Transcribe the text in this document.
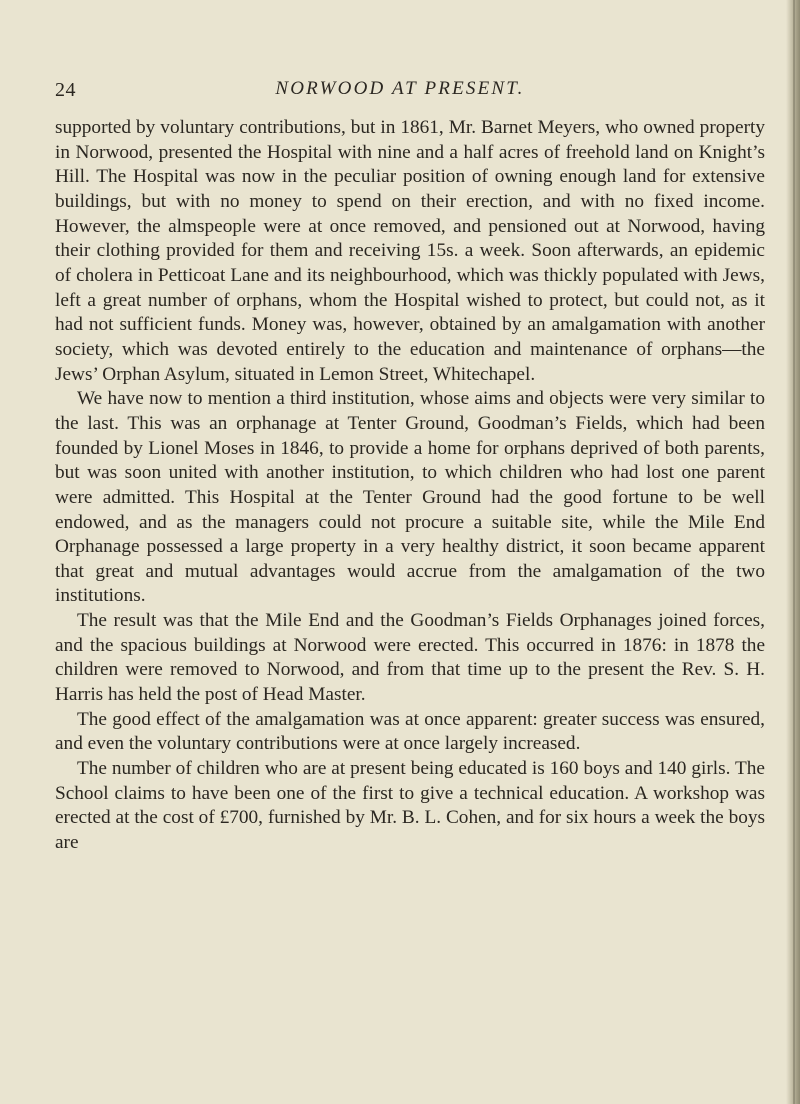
24	NORWOOD AT PRESENT.

supported by voluntary contributions, but in 1861, Mr. Barnet Meyers, who owned property in Norwood, presented the Hospital with nine and a half acres of freehold land on Knight’s Hill. The Hospital was now in the peculiar position of owning enough land for extensive buildings, but with no money to spend on their erection, and with no fixed income. However, the almspeople were at once removed, and pensioned out at Norwood, having their clothing provided for them and receiving 15s. a week. Soon afterwards, an epidemic of cholera in Petticoat Lane and its neighbourhood, which was thickly populated with Jews, left a great number of orphans, whom the Hospital wished to protect, but could not, as it had not sufficient funds. Money was, however, obtained by an amalgamation with another society, which was devoted entirely to the education and maintenance of orphans—the Jews’ Orphan Asylum, situated in Lemon Street, Whitechapel.

We have now to mention a third institution, whose aims and objects were very similar to the last. This was an orphanage at Tenter Ground, Goodman’s Fields, which had been founded by Lionel Moses in 1846, to provide a home for orphans deprived of both parents, but was soon united with another institution, to which children who had lost one parent were admitted. This Hospital at the Tenter Ground had the good fortune to be well endowed, and as the managers could not procure a suitable site, while the Mile End Orphanage possessed a large property in a very healthy district, it soon became apparent that great and mutual advantages would accrue from the amalgamation of the two institutions.

The result was that the Mile End and the Goodman’s Fields Orphanages joined forces, and the spacious buildings at Norwood were erected. This occurred in 1876: in 1878 the children were removed to Norwood, and from that time up to the present the Rev. S. H. Harris has held the post of Head Master.

The good effect of the amalgamation was at once apparent: greater success was ensured, and even the voluntary contributions were at once largely increased.

The number of children who are at present being educated is 160 boys and 140 girls. The School claims to have been one of the first to give a technical education. A workshop was erected at the cost of £700, furnished by Mr. B. L. Cohen, and for six hours a week the boys are
